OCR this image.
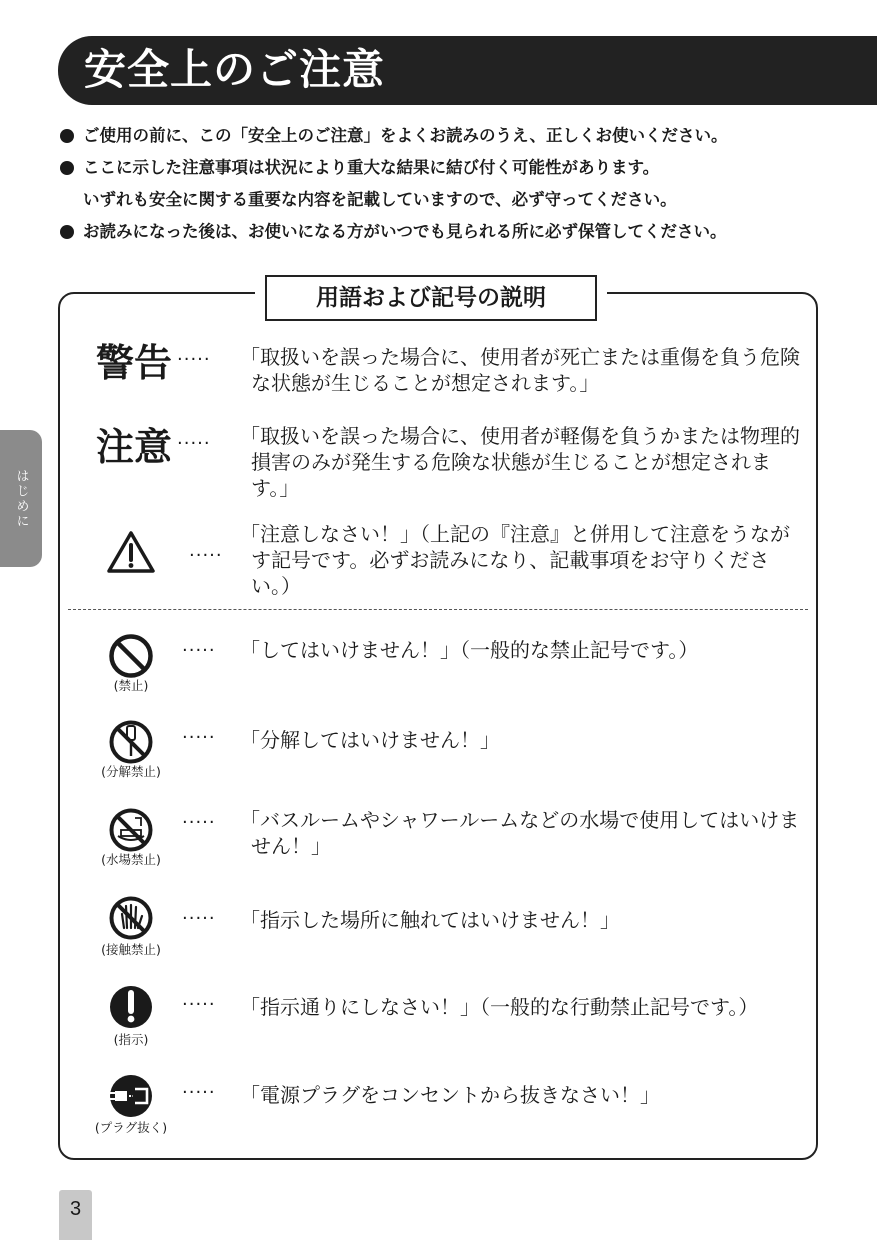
安全上のご注意
ご使用の前に、この「安全上のご注意」をよくお読みのうえ、正しくお使いください。
ここに示した注意事項は状況により重大な結果に結び付く可能性があります。
いずれも安全に関する重要な内容を記載していますので、必ず守ってください。
お読みになった後は、お使いになる方がいつでも見られる所に必ず保管してください。
はじめに
用語および記号の説明
警告 ····· 「取扱いを誤った場合に、使用者が死亡または重傷を負う危険な状態が生じることが想定されます。」
注意 ····· 「取扱いを誤った場合に、使用者が軽傷を負うかまたは物理的損害のみが発生する危険な状態が生じることが想定されます。」
·····
「注意しなさい！」（上記の『注意』と併用して注意をうながす記号です。必ずお読みになり、記載事項をお守りください。）
(禁止)
····· 「してはいけません！」（一般的な禁止記号です。）
(分解禁止)
····· 「分解してはいけません！」
(水場禁止)
····· 「バスルームやシャワールームなどの水場で使用してはいけません！」
(接触禁止)
····· 「指示した場所に触れてはいけません！」
(指示)
····· 「指示通りにしなさい！」（一般的な行動禁止記号です。）
(プラグ抜く)
····· 「電源プラグをコンセントから抜きなさい！」
3
